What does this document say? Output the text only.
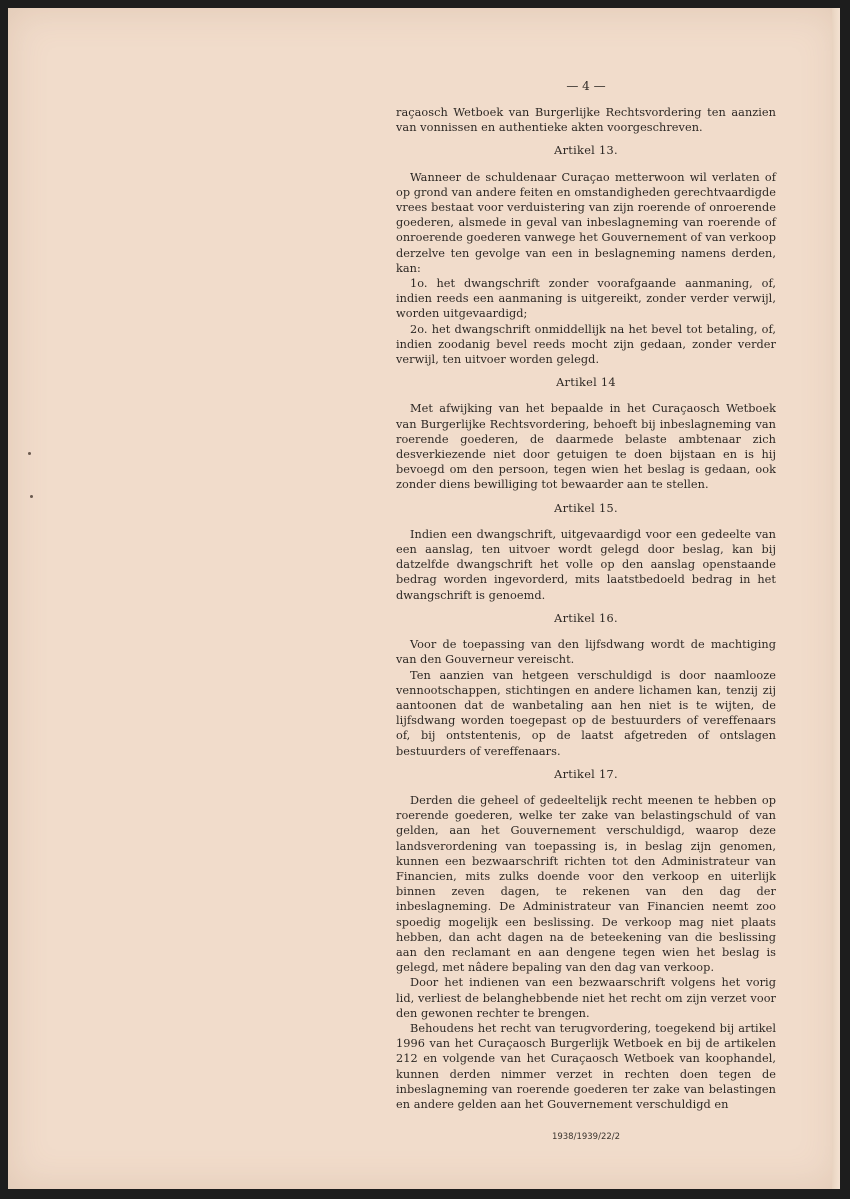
— 4 —

raçaosch Wetboek van Burgerlijke Rechtsvordering ten aanzien van vonnissen en authentieke akten voorgeschreven.

Artikel 13.

Wanneer de schuldenaar Curaçao metterwoon wil verlaten of op grond van andere feiten en omstandigheden gerechtvaardigde vrees bestaat voor verduistering van zijn roerende of onroerende goederen, alsmede in geval van inbeslagneming van roerende of onroerende goederen vanwege het Gouvernement of van verkoop derzelve ten gevolge van een in beslagneming namens derden, kan:

1o. het dwangschrift zonder voorafgaande aanmaning, of, indien reeds een aanmaning is uitgereikt, zonder verder verwijl, worden uitgevaardigd;

2o. het dwangschrift onmiddellijk na het bevel tot betaling, of, indien zoodanig bevel reeds mocht zijn gedaan, zonder verder verwijl, ten uitvoer worden gelegd.

Artikel 14

Met afwijking van het bepaalde in het Curaçaosch Wetboek van Burgerlijke Rechtsvordering, behoeft bij inbeslagneming van roerende goederen, de daarmede belaste ambtenaar zich desverkiezende niet door getuigen te doen bijstaan en is hij bevoegd om den persoon, tegen wien het beslag is gedaan, ook zonder diens bewilliging tot bewaarder aan te stellen.

Artikel 15.

Indien een dwangschrift, uitgevaardigd voor een gedeelte van een aanslag, ten uitvoer wordt gelegd door beslag, kan bij datzelfde dwangschrift het volle op den aanslag openstaande bedrag worden ingevorderd, mits laatstbedoeld bedrag in het dwangschrift is genoemd.

Artikel 16.

Voor de toepassing van den lijfsdwang wordt de machtiging van den Gouverneur vereischt.

Ten aanzien van hetgeen verschuldigd is door naamlooze vennootschappen, stichtingen en andere lichamen kan, tenzij zij aantoonen dat de wanbetaling aan hen niet is te wijten, de lijfsdwang worden toegepast op de bestuurders of vereffenaars of, bij ontstentenis, op de laatst afgetreden of ontslagen bestuurders of vereffenaars.

Artikel 17.

Derden die geheel of gedeeltelijk recht meenen te hebben op roerende goederen, welke ter zake van belastingschuld of van gelden, aan het Gouvernement verschuldigd, waarop deze landsverordening van toepassing is, in beslag zijn genomen, kunnen een bezwaarschrift richten tot den Administrateur van Financien, mits zulks doende voor den verkoop en uiterlijk binnen zeven dagen, te rekenen van den dag der inbeslagneming. De Administrateur van Financien neemt zoo spoedig mogelijk een beslissing. De verkoop mag niet plaats hebben, dan acht dagen na de beteekening van die beslissing aan den reclamant en aan dengene tegen wien het beslag is gelegd, met nâdere bepaling van den dag van verkoop.

Door het indienen van een bezwaarschrift volgens het vorig lid, verliest de belanghebbende niet het recht om zijn verzet voor den gewonen rechter te brengen.

Behoudens het recht van terugvordering, toegekend bij artikel 1996 van het Curaçaosch Burgerlijk Wetboek en bij de artikelen 212 en volgende van het Curaçaosch Wetboek van koophandel, kunnen derden nimmer verzet in rechten doen tegen de inbeslagneming van roerende goederen ter zake van belastingen en andere gelden aan het Gouvernement verschuldigd en

1938/1939/22/2
